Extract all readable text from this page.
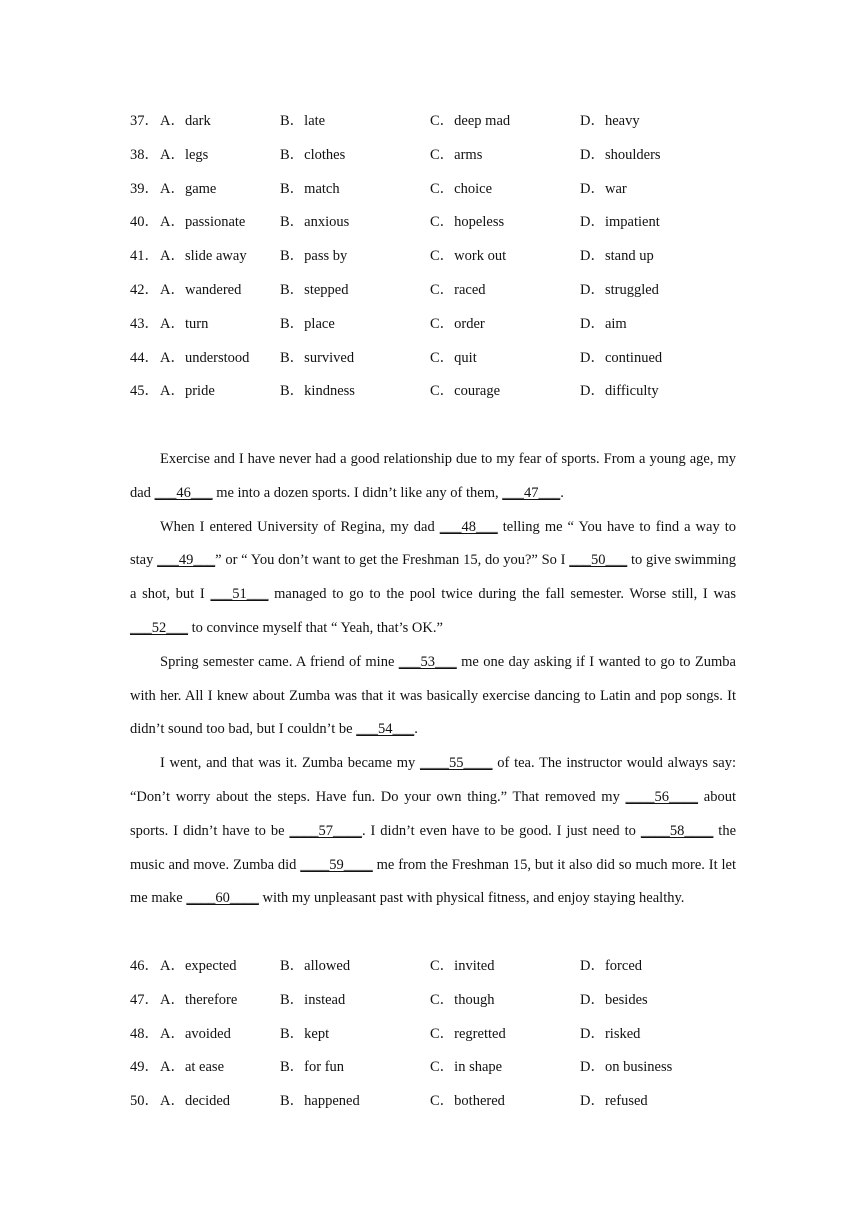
37． A．dark	B．late	C．deep mad	D．heavy
38． A．legs	B．clothes	C．arms	D．shoulders
39． A．game	B．match	C．choice	D．war
40． A．passionate B．anxious	C．hopeless	D．impatient
41． A．slide away B．pass by	C．work out	D．stand up
42． A．wandered	B．stepped	C．raced	D．struggled
43． A．turn	B．place	C．order	D．aim
44． A．understood B．survived	C．quit	D．continued
45． A．pride	B．kindness	C．courage	D．difficulty

Exercise and I have never had a good relationship due to my fear of sports. From a young age, my dad ___46___ me into a dozen sports. I didn’t like any of them, ___47___.

When I entered University of Regina, my dad ___48___ telling me “ You have to find a way to stay ___49___” or “ You don’t want to get the Freshman 15, do you?” So I ___50___ to give swimming a shot, but I ___51___ managed to go to the pool twice during the fall semester. Worse still, I was ___52___ to convince myself that “ Yeah, that’s OK.”

Spring semester came. A friend of mine ___53___ me one day asking if I wanted to go to Zumba with her. All I knew about Zumba was that it was basically exercise dancing to Latin and pop songs. It didn’t sound too bad, but I couldn’t be ___54___.

I went, and that was it. Zumba became my ____55____ of tea. The instructor would always say: “Don’t worry about the steps. Have fun. Do your own thing.” That removed my ____56____ about sports. I didn’t have to be ____57____. I didn’t even have to be good. I just need to ____58____ the music and move. Zumba did ____59____ me from the Freshman 15, but it also did so much more. It let me make ____60____ with my unpleasant past with physical fitness, and enjoy staying healthy.

46． A．expected	B．allowed	C．invited	D．forced
47． A．therefore	B．instead	C．though	D．besides
48． A．avoided	B．kept	C．regretted	D．risked
49． A．at ease	B．for fun	C．in shape	D．on business
50． A．decided	B．happened	C．bothered	D．refused
